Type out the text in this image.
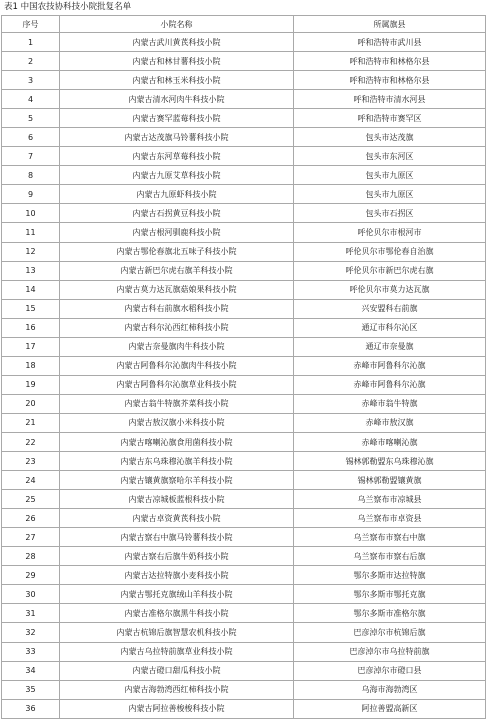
表1 中国农技协科技小院批复名单
序号	小院名称	所属旗县
1	内蒙古武川黄芪科技小院	呼和浩特市武川县
2	内蒙古和林甘薯科技小院	呼和浩特市和林格尔县
3	内蒙古和林玉米科技小院	呼和浩特市和林格尔县
4	内蒙古清水河肉牛科技小院	呼和浩特市清水河县
5	内蒙古赛罕蓝莓科技小院	呼和浩特市赛罕区
6	内蒙古达茂旗马铃薯科技小院	包头市达茂旗
7	内蒙古东河草莓科技小院	包头市东河区
8	内蒙古九原艾草科技小院	包头市九原区
9	内蒙古九原虾科技小院	包头市九原区
10	内蒙古石拐黄豆科技小院	包头市石拐区
11	内蒙古根河驯鹿科技小院	呼伦贝尔市根河市
12	内蒙古鄂伦春旗北五味子科技小院	呼伦贝尔市鄂伦春自治旗
13	内蒙古新巴尔虎右旗羊科技小院	呼伦贝尔市新巴尔虎右旗
14	内蒙古莫力达瓦旗菇娘果科技小院	呼伦贝尔市莫力达瓦旗
15	内蒙古科右前旗水稻科技小院	兴安盟科右前旗
16	内蒙古科尔沁西红柿科技小院	通辽市科尔沁区
17	内蒙古奈曼旗肉牛科技小院	通辽市奈曼旗
18	内蒙古阿鲁科尔沁旗肉牛科技小院	赤峰市阿鲁科尔沁旗
19	内蒙古阿鲁科尔沁旗草业科技小院	赤峰市阿鲁科尔沁旗
20	内蒙古翁牛特旗芥菜科技小院	赤峰市翁牛特旗
21	内蒙古敖汉旗小米科技小院	赤峰市敖汉旗
22	内蒙古喀喇沁旗食用菌科技小院	赤峰市喀喇沁旗
23	内蒙古东乌珠穆沁旗羊科技小院	锡林郭勒盟东乌珠穆沁旗
24	内蒙古镶黄旗察哈尔羊科技小院	锡林郭勒盟镶黄旗
25	内蒙古凉城板蓝根科技小院	乌兰察布市凉城县
26	内蒙古卓资黄芪科技小院	乌兰察布市卓资县
27	内蒙古察右中旗马铃薯科技小院	乌兰察布市察右中旗
28	内蒙古察右后旗牛奶科技小院	乌兰察布市察右后旗
29	内蒙古达拉特旗小麦科技小院	鄂尔多斯市达拉特旗
30	内蒙古鄂托克旗绒山羊科技小院	鄂尔多斯市鄂托克旗
31	内蒙古准格尔旗黑牛科技小院	鄂尔多斯市准格尔旗
32	内蒙古杭锦后旗智慧农机科技小院	巴彦淖尔市杭锦后旗
33	内蒙古乌拉特前旗草业科技小院	巴彦淖尔市乌拉特前旗
34	内蒙古磴口甜瓜科技小院	巴彦淖尔市磴口县
35	内蒙古海勃湾西红柿科技小院	乌海市海勃湾区
36	内蒙古阿拉善梭梭科技小院	阿拉善盟高新区
